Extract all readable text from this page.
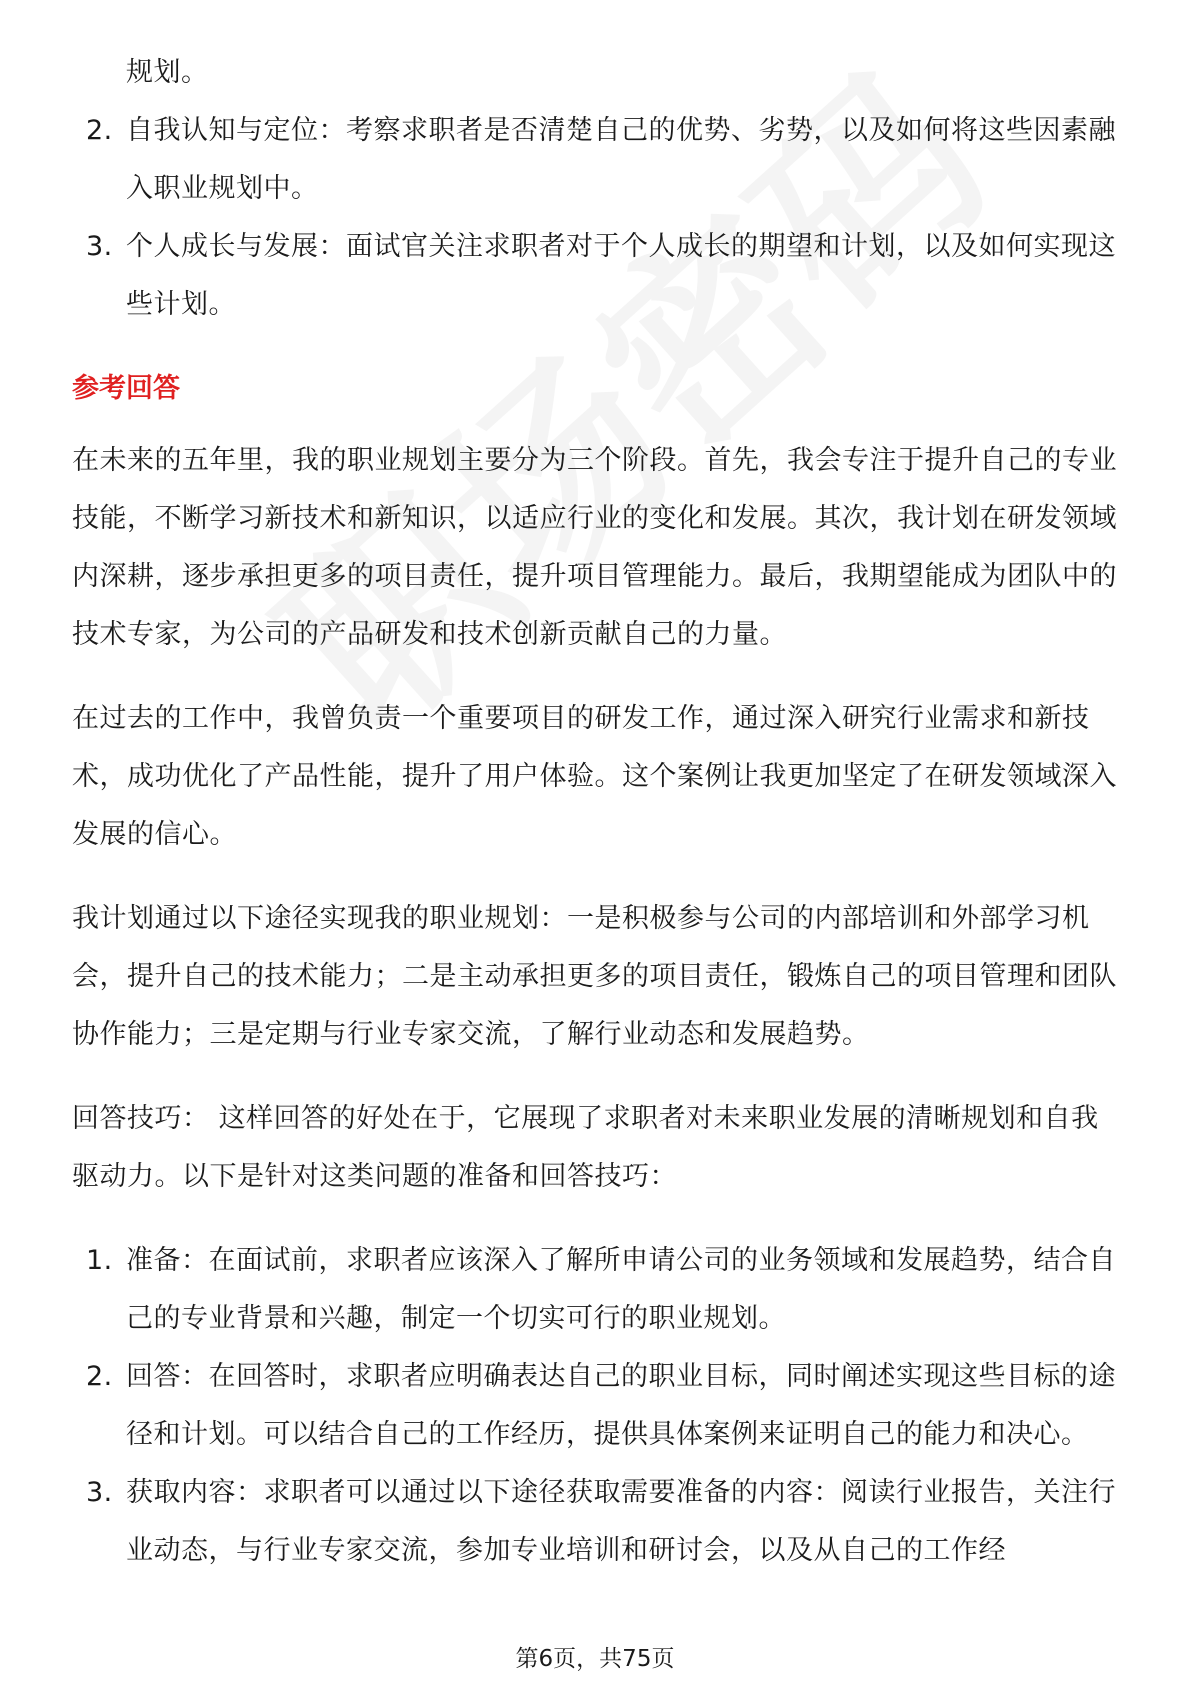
规划。

2. 自我认知与定位：考察求职者是否清楚自己的优势、劣势，以及如何将这些因素融入职业规划中。
3. 个人成长与发展：面试官关注求职者对于个人成长的期望和计划，以及如何实现这些计划。
参考回答

在未来的五年里，我的职业规划主要分为三个阶段。首先，我会专注于提升自己的专业技能，不断学习新技术和新知识，以适应行业的变化和发展。其次，我计划在研发领域内深耕，逐步承担更多的项目责任，提升项目管理能力。最后，我期望能成为团队中的技术专家，为公司的产品研发和技术创新贡献自己的力量。

在过去的工作中，我曾负责一个重要项目的研发工作，通过深入研究行业需求和新技术，成功优化了产品性能，提升了用户体验。这个案例让我更加坚定了在研发领域深入发展的信心。

我计划通过以下途径实现我的职业规划：一是积极参与公司的内部培训和外部学习机会，提升自己的技术能力；二是主动承担更多的项目责任，锻炼自己的项目管理和团队协作能力；三是定期与行业专家交流，了解行业动态和发展趋势。

回答技巧： 这样回答的好处在于，它展现了求职者对未来职业发展的清晰规划和自我驱动力。以下是针对这类问题的准备和回答技巧：

1. 准备：在面试前，求职者应该深入了解所申请公司的业务领域和发展趋势，结合自己的专业背景和兴趣，制定一个切实可行的职业规划。
2. 回答：在回答时，求职者应明确表达自己的职业目标，同时阐述实现这些目标的途径和计划。可以结合自己的工作经历，提供具体案例来证明自己的能力和决心。
3. 获取内容：求职者可以通过以下途径获取需要准备的内容：阅读行业报告，关注行业动态，与行业专家交流，参加专业培训和研讨会，以及从自己的工作经
第6页，共75页
